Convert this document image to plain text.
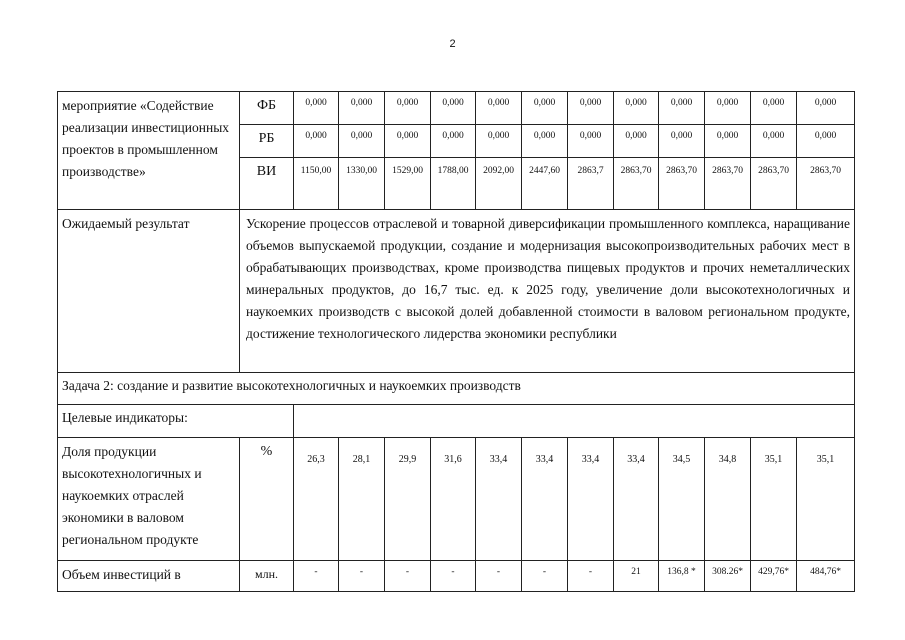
2
мероприятие «Содействие реализации инвестиционных проектов в промышленном производстве»	ФБ	0,000	0,000	0,000	0,000	0,000	0,000	0,000	0,000	0,000	0,000	0,000	0,000
	РБ	0,000	0,000	0,000	0,000	0,000	0,000	0,000	0,000	0,000	0,000	0,000	0,000
	ВИ	1150,00	1330,00	1529,00	1788,00	2092,00	2447,60	2863,7	2863,70	2863,70	2863,70	2863,70	2863,70
Ожидаемый результат	Ускорение процессов отраслевой и товарной диверсификации промышленного комплекса, наращивание объемов выпускаемой продукции, создание и модернизация высокопроизводительных рабочих мест в обрабатывающих производствах, кроме производства пищевых продуктов и прочих неметаллических минеральных продуктов, до 16,7 тыс. ед. к 2025 году, увеличение доли высокотехнологичных и наукоемких производств с высокой долей добавленной стоимости в валовом региональном продукте, достижение технологического лидерства экономики республики												
Задача 2: создание и развитие высокотехнологичных и наукоемких производств													
Целевые индикаторы:													
Доля продукции высокотехнологичных и наукоемких отраслей экономики в валовом региональном продукте	%	26,3	28,1	29,9	31,6	33,4	33,4	33,4	33,4	34,5	34,8	35,1	35,1
Объем инвестиций в	млн.	-	-	-	-	-	-	-	21	136,8 *	308.26*	429,76*	484,76*
